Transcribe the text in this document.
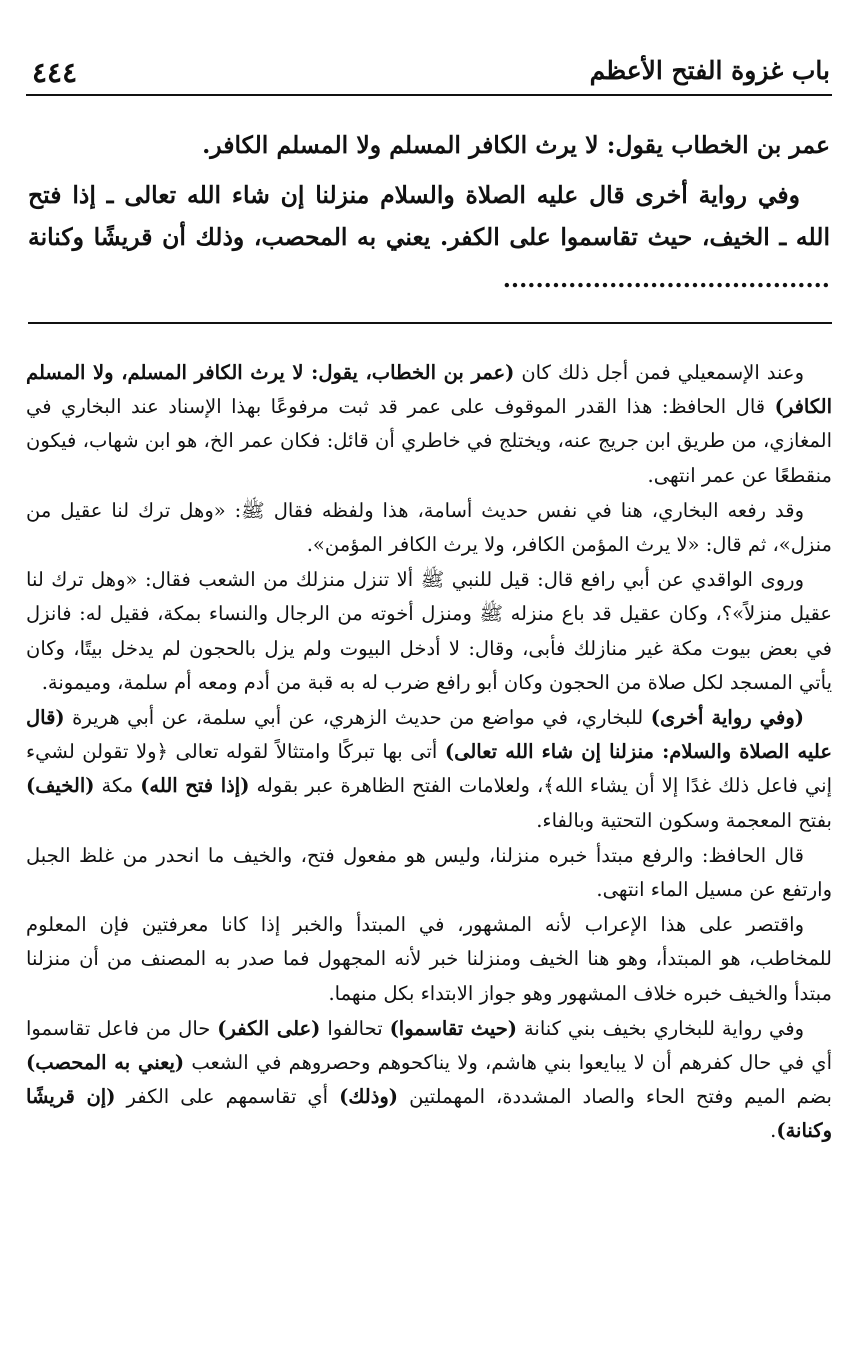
٤٤٤	باب غزوة الفتح الأعظم

عمر بن الخطاب يقول: لا يرث الكافر المسلم ولا المسلم الكافر.

وفي رواية أخرى قال عليه الصلاة والسلام منزلنا إن شاء الله تعالى ـ إذا فتح الله ـ الخيف، حيث تقاسموا على الكفر. يعني به المحصب، وذلك أن قريشًا وكنانة ........................................

وعند الإسمعيلي فمن أجل ذلك كان (عمر بن الخطاب، يقول: لا يرث الكافر المسلم، ولا المسلم الكافر) قال الحافظ: هذا القدر الموقوف على عمر قد ثبت مرفوعًا بهذا الإسناد عند البخاري في المغازي، من طريق ابن جريج عنه، ويختلج في خاطري أن قائل: فكان عمر الخ، هو ابن شهاب، فيكون منقطعًا عن عمر انتهى.

وقد رفعه البخاري، هنا في نفس حديث أسامة، هذا ولفظه فقال ﷺ: «وهل ترك لنا عقيل من منزل»، ثم قال: «لا يرث المؤمن الكافر، ولا يرث الكافر المؤمن».

وروى الواقدي عن أبي رافع قال: قيل للنبي ﷺ ألا تنزل منزلك من الشعب فقال: «وهل ترك لنا عقيل منزلاً»؟، وكان عقيل قد باع منزله ﷺ ومنزل أخوته من الرجال والنساء بمكة، فقيل له: فانزل في بعض بيوت مكة غير منازلك فأبى، وقال: لا أدخل البيوت ولم يزل بالحجون لم يدخل بيتًا، وكان يأتي المسجد لكل صلاة من الحجون وكان أبو رافع ضرب له به قبة من أدم ومعه أم سلمة، وميمونة.

(وفي رواية أخرى) للبخاري، في مواضع من حديث الزهري، عن أبي سلمة، عن أبي هريرة (قال عليه الصلاة والسلام: منزلنا إن شاء الله تعالى) أتى بها تبركًا وامتثالاً لقوله تعالى ﴿ولا تقولن لشيء إني فاعل ذلك غدًا إلا أن يشاء الله﴾، ولعلامات الفتح الظاهرة عبر بقوله (إذا فتح الله) مكة (الخيف) بفتح المعجمة وسكون التحتية وبالفاء.

قال الحافظ: والرفع مبتدأ خبره منزلنا، وليس هو مفعول فتح، والخيف ما انحدر من غلظ الجبل وارتفع عن مسيل الماء انتهى.

واقتصر على هذا الإعراب لأنه المشهور، في المبتدأ والخبر إذا كانا معرفتين فإن المعلوم للمخاطب، هو المبتدأ، وهو هنا الخيف ومنزلنا خبر لأنه المجهول فما صدر به المصنف من أن منزلنا مبتدأ والخيف خبره خلاف المشهور وهو جواز الابتداء بكل منهما.

وفي رواية للبخاري بخيف بني كنانة (حيث تقاسموا) تحالفوا (على الكفر) حال من فاعل تقاسموا أي في حال كفرهم أن لا يبايعوا بني هاشم، ولا يناكحوهم وحصروهم في الشعب (يعني به المحصب) بضم الميم وفتح الحاء والصاد المشددة، المهملتين (وذلك) أي تقاسمهم على الكفر (إن قريشًا وكنانة).
